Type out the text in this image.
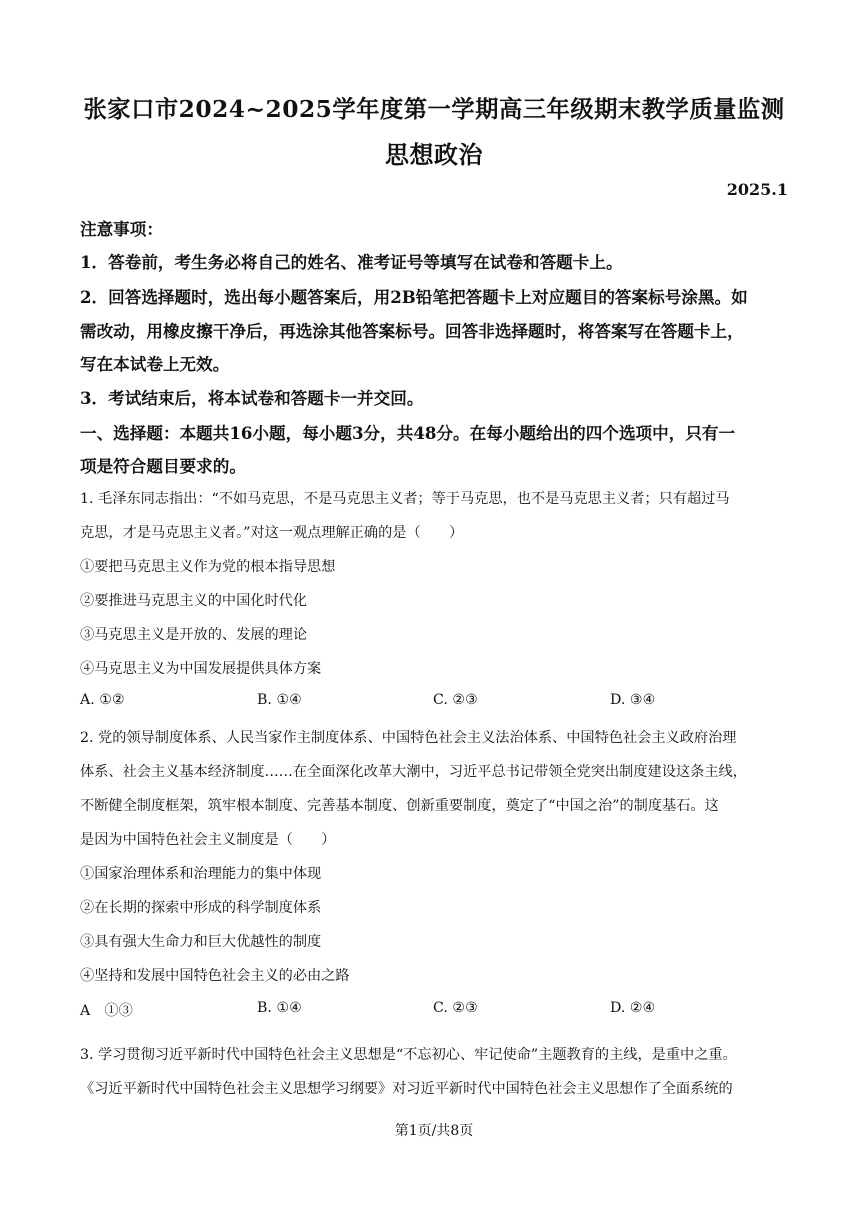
张家口市2024~2025学年度第一学期高三年级期末教学质量监测
思想政治
2025.1
注意事项：
1．答卷前，考生务必将自己的姓名、准考证号等填写在试卷和答题卡上。
2．回答选择题时，选出每小题答案后，用2B铅笔把答题卡上对应题目的答案标号涂黑。如
需改动，用橡皮擦干净后，再选涂其他答案标号。回答非选择题时，将答案写在答题卡上，
写在本试卷上无效。
3．考试结束后，将本试卷和答题卡一并交回。
一、选择题：本题共16小题，每小题3分，共48分。在每小题给出的四个选项中，只有一
项是符合题目要求的。
1. 毛泽东同志指出：“不如马克思，不是马克思主义者；等于马克思，也不是马克思主义者；只有超过马
克思，才是马克思主义者。”对这一观点理解正确的是（　　）
①要把马克思主义作为党的根本指导思想
②要推进马克思主义的中国化时代化
③马克思主义是开放的、发展的理论
④马克思主义为中国发展提供具体方案
A. ①②	B. ①④	C. ②③	D. ③④
2. 党的领导制度体系、人民当家作主制度体系、中国特色社会主义法治体系、中国特色社会主义政府治理
体系、社会主义基本经济制度……在全面深化改革大潮中，习近平总书记带领全党突出制度建设这条主线，
不断健全制度框架，筑牢根本制度、完善基本制度、创新重要制度，奠定了“中国之治”的制度基石。这
是因为中国特色社会主义制度是（　　）
①国家治理体系和治理能力的集中体现
②在长期的探索中形成的科学制度体系
③具有强大生命力和巨大优越性的制度
④坚持和发展中国特色社会主义的必由之路
A　①③	B. ①④	C. ②③	D. ②④
3. 学习贯彻习近平新时代中国特色社会主义思想是“不忘初心、牢记使命”主题教育的主线，是重中之重。
《习近平新时代中国特色社会主义思想学习纲要》对习近平新时代中国特色社会主义思想作了全面系统的
第1页/共8页
